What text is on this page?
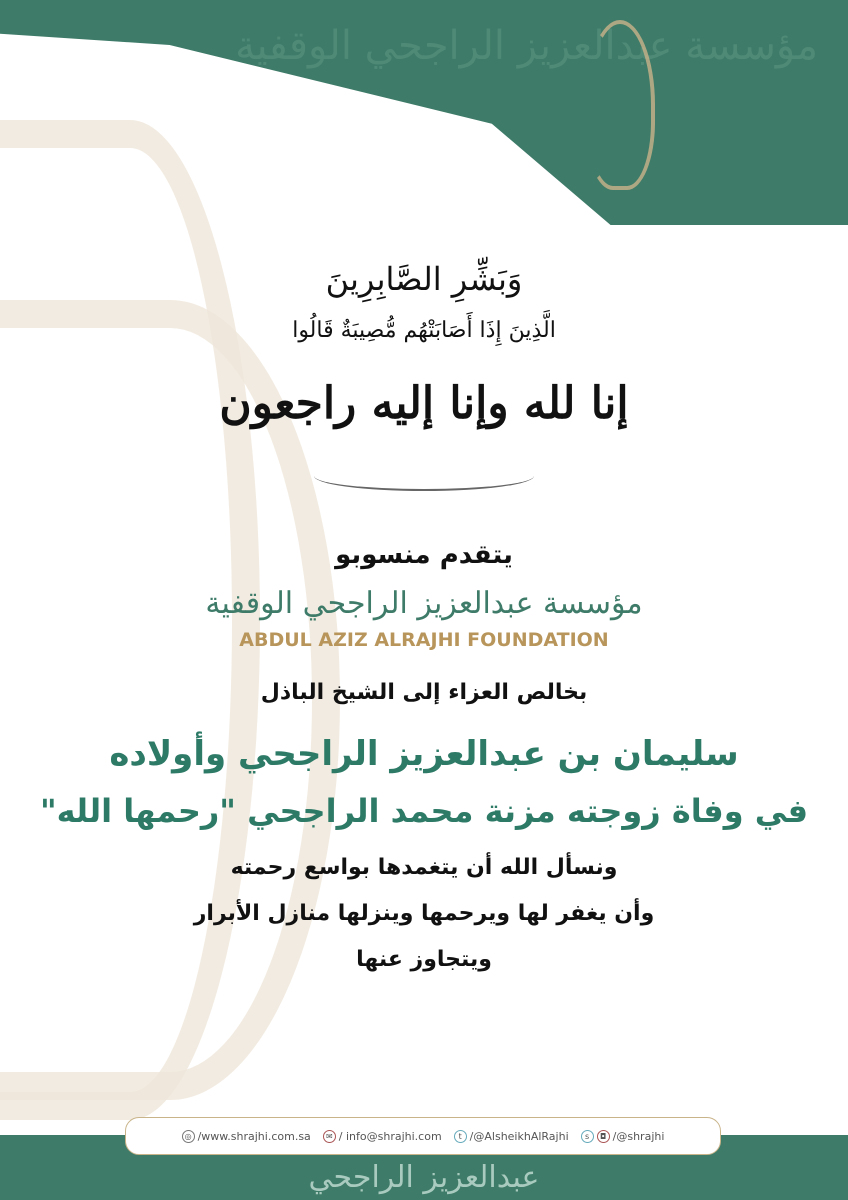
مؤسسة عبدالعزيز الراجحي الوقفية
وَبَشِّرِ الصَّابِرِينَ
الَّذِينَ إِذَا أَصَابَتْهُم مُّصِيبَةٌ قَالُوا
إنا لله وإنا إليه راجعون
يتقدم منسوبو
مؤسسة عبدالعزيز الراجحي الوقفية
ABDUL AZIZ ALRAJHI FOUNDATION
بخالص العزاء إلى الشيخ الباذل
سليمان بن عبدالعزيز الراجحي وأولاده
في وفاة زوجته مزنة محمد الراجحي "رحمها الله"
ونسأل الله أن يتغمدها بواسع رحمته
وأن يغفر لها ويرحمها وينزلها منازل الأبرار
ويتجاوز عنها
عبدالعزيز الراجحي
◎ /www.shrajhi.com.sa	✉ / info@shrajhi.com	t /@AlsheikhAlRajhi	s	◘ /@shrajhi
